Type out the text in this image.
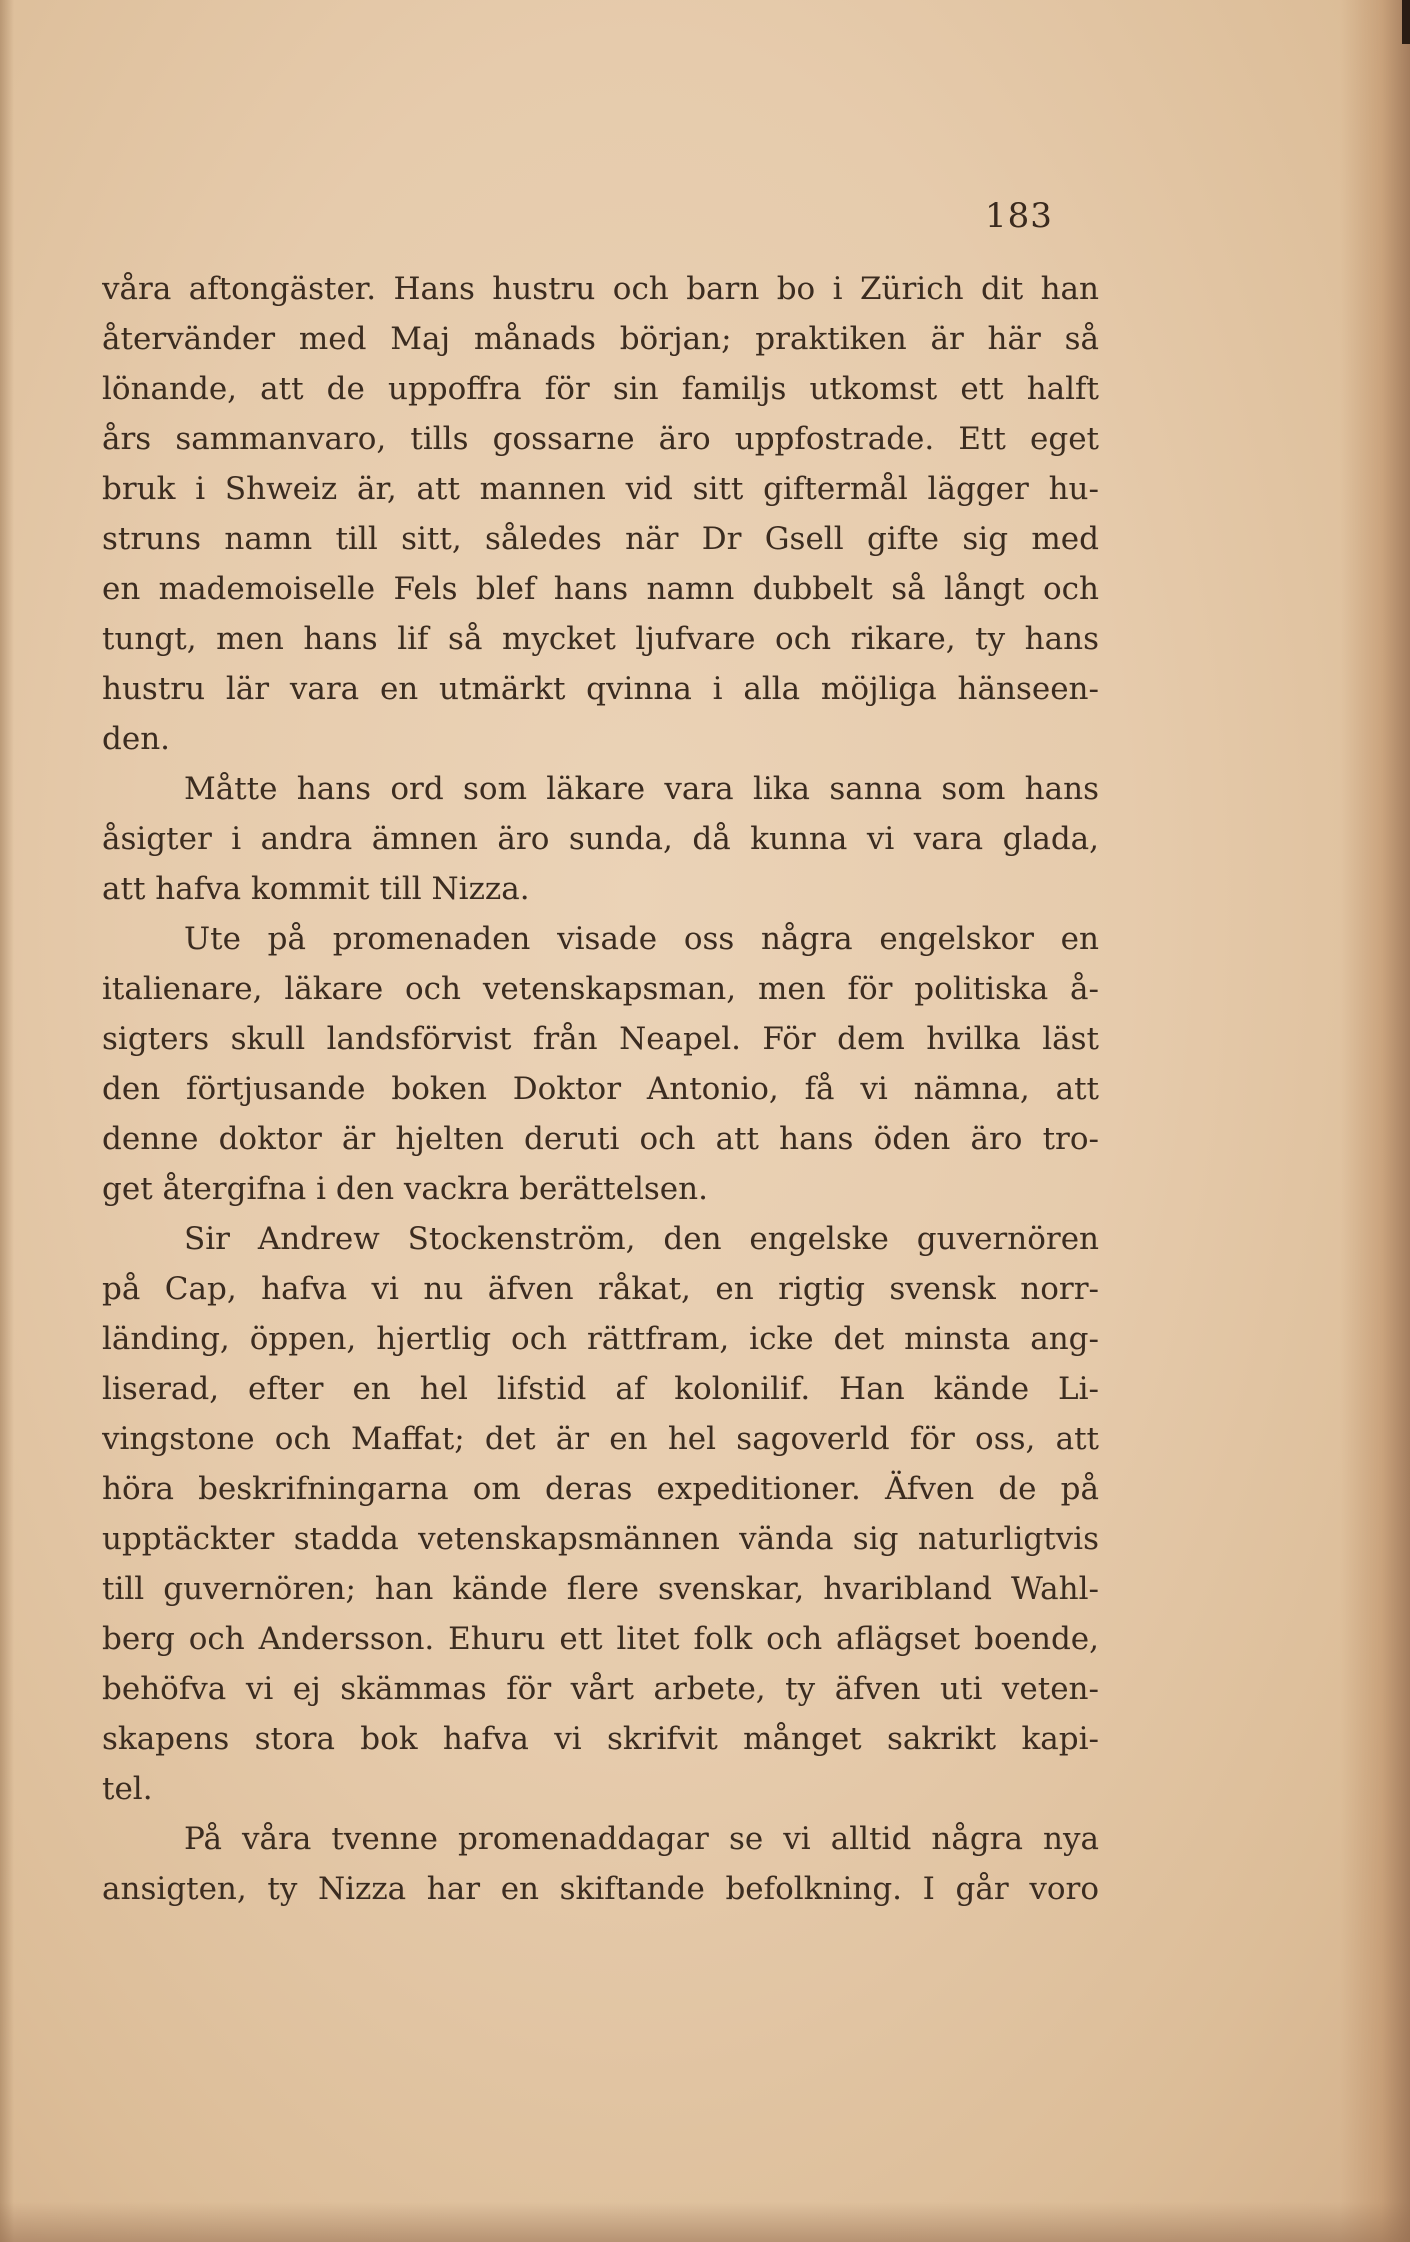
183
våra aftongäster. Hans hustru och barn bo i Zürich dit han
återvänder med Maj månads början; praktiken är här så
lönande, att de uppoffra för sin familjs utkomst ett halft
års sammanvaro, tills gossarne äro uppfostrade. Ett eget
bruk i Shweiz är, att mannen vid sitt giftermål lägger hu-
struns namn till sitt, således när Dr Gsell gifte sig med
en mademoiselle Fels blef hans namn dubbelt så långt och
tungt, men hans lif så mycket ljufvare och rikare, ty hans
hustru lär vara en utmärkt qvinna i alla möjliga hänseen-
den.
Måtte hans ord som läkare vara lika sanna som hans
åsigter i andra ämnen äro sunda, då kunna vi vara glada,
att hafva kommit till Nizza.
Ute på promenaden visade oss några engelskor en
italienare, läkare och vetenskapsman, men för politiska å-
sigters skull landsförvist från Neapel. För dem hvilka läst
den förtjusande boken Doktor Antonio, få vi nämna, att
denne doktor är hjelten deruti och att hans öden äro tro-
get återgifna i den vackra berättelsen.
Sir Andrew Stockenström, den engelske guvernören
på Cap, hafva vi nu äfven råkat, en rigtig svensk norr-
länding, öppen, hjertlig och rättfram, icke det minsta ang-
liserad, efter en hel lifstid af kolonilif. Han kände Li-
vingstone och Maffat; det är en hel sagoverld för oss, att
höra beskrifningarna om deras expeditioner. Äfven de på
upptäckter stadda vetenskapsmännen vända sig naturligtvis
till guvernören; han kände flere svenskar, hvaribland Wahl-
berg och Andersson. Ehuru ett litet folk och aflägset boende,
behöfva vi ej skämmas för vårt arbete, ty äfven uti veten-
skapens stora bok hafva vi skrifvit månget sakrikt kapi-
tel.
På våra tvenne promenaddagar se vi alltid några nya
ansigten, ty Nizza har en skiftande befolkning. I går voro
